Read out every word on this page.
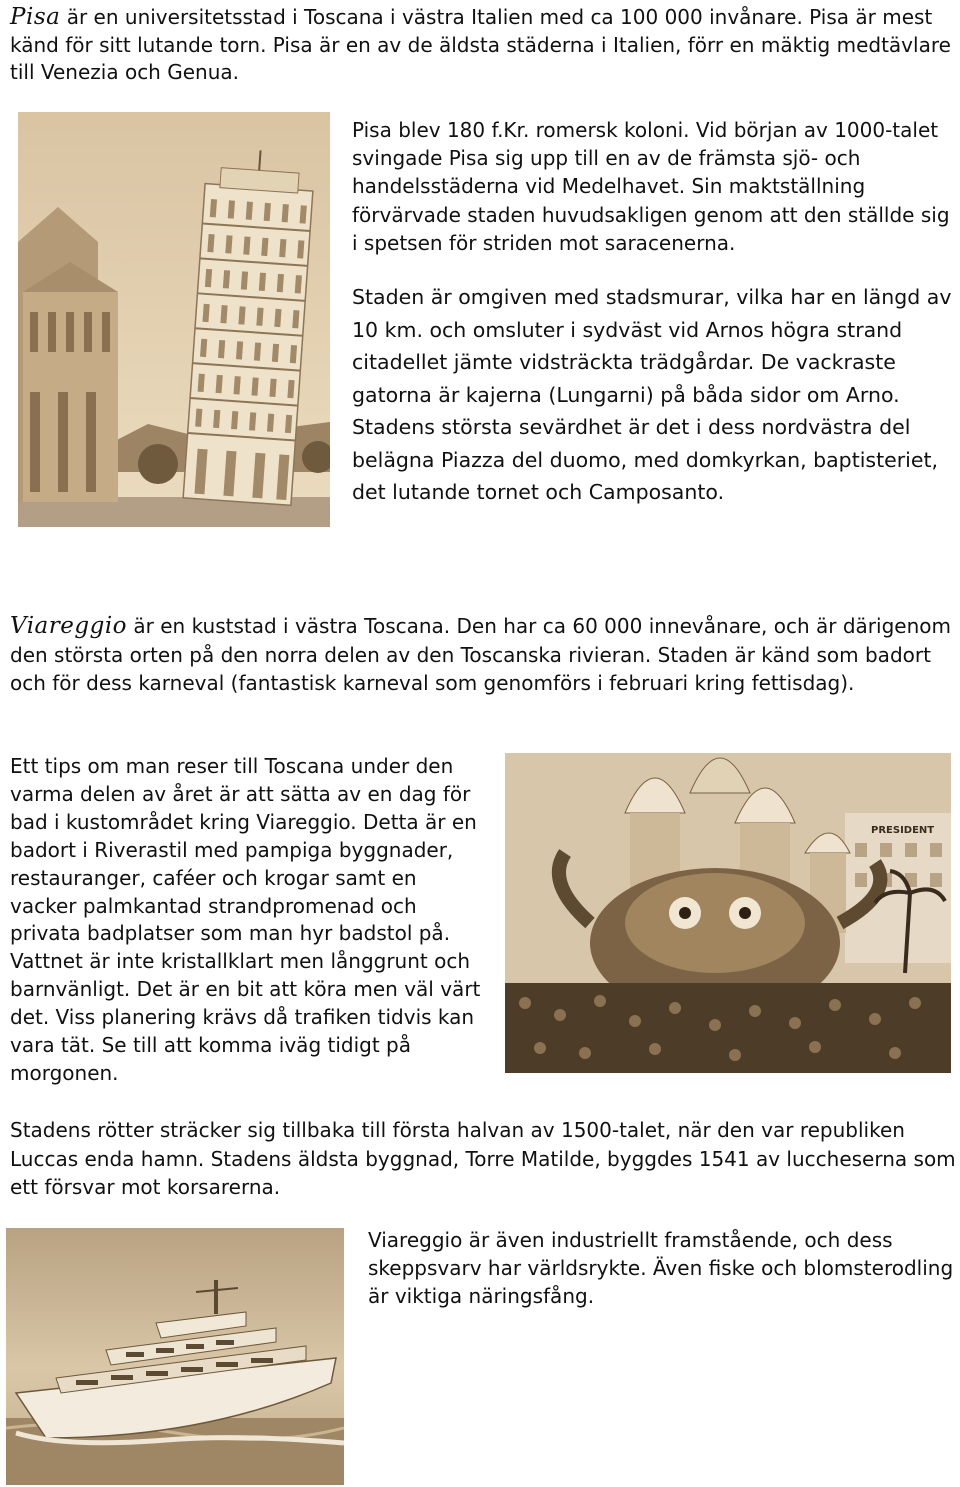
Pisa är en universitetsstad i Toscana i västra Italien med ca 100 000 invånare. Pisa är mest känd för sitt lutande torn. Pisa är en av de äldsta städerna i Italien, förr en mäktig medtävlare till Venezia och Genua.

Pisa blev 180 f.Kr. romersk koloni. Vid början av 1000-talet svingade Pisa sig upp till en av de främsta sjö- och handelsstäderna vid Medelhavet. Sin maktställning förvärvade staden huvudsakligen genom att den ställde sig i spetsen för striden mot saracenerna.

Staden är omgiven med stadsmurar, vilka har en längd av 10 km. och omsluter i sydväst vid Arnos högra strand citadellet jämte vidsträckta trädgårdar. De vackraste gatorna är kajerna (Lungarni) på båda sidor om Arno. Stadens största sevärdhet är det i dess nordvästra del belägna Piazza del duomo, med domkyrkan, baptisteriet, det lutande tornet och Camposanto.

Viareggio är en kuststad i västra Toscana. Den har ca 60 000 innevånare, och är därigenom den största orten på den norra delen av den Toscanska rivieran. Staden är känd som badort och för dess karneval (fantastisk karneval som genomförs i februari kring fettisdag).

Ett tips om man reser till Toscana under den varma delen av året är att sätta av en dag för bad i kustområdet kring Viareggio. Detta är en badort i Riverastil med pampiga byggnader, restauranger, caféer och krogar samt en vacker palmkantad strandpromenad och privata badplatser som man hyr badstol på. Vattnet är inte kristallklart men långgrunt och barnvänligt. Det är en bit att köra men väl värt det. Viss planering krävs då trafiken tidvis kan vara tät. Se till att komma iväg tidigt på morgonen.

PRESIDENT

Stadens rötter sträcker sig tillbaka till första halvan av 1500-talet, när den var republiken Luccas enda hamn. Stadens äldsta byggnad, Torre Matilde, byggdes 1541 av luccheserna som ett försvar mot korsarerna.

Viareggio är även industriellt framstående, och dess skeppsvarv har världsrykte. Även fiske och blomsterodling är viktiga näringsfång.
